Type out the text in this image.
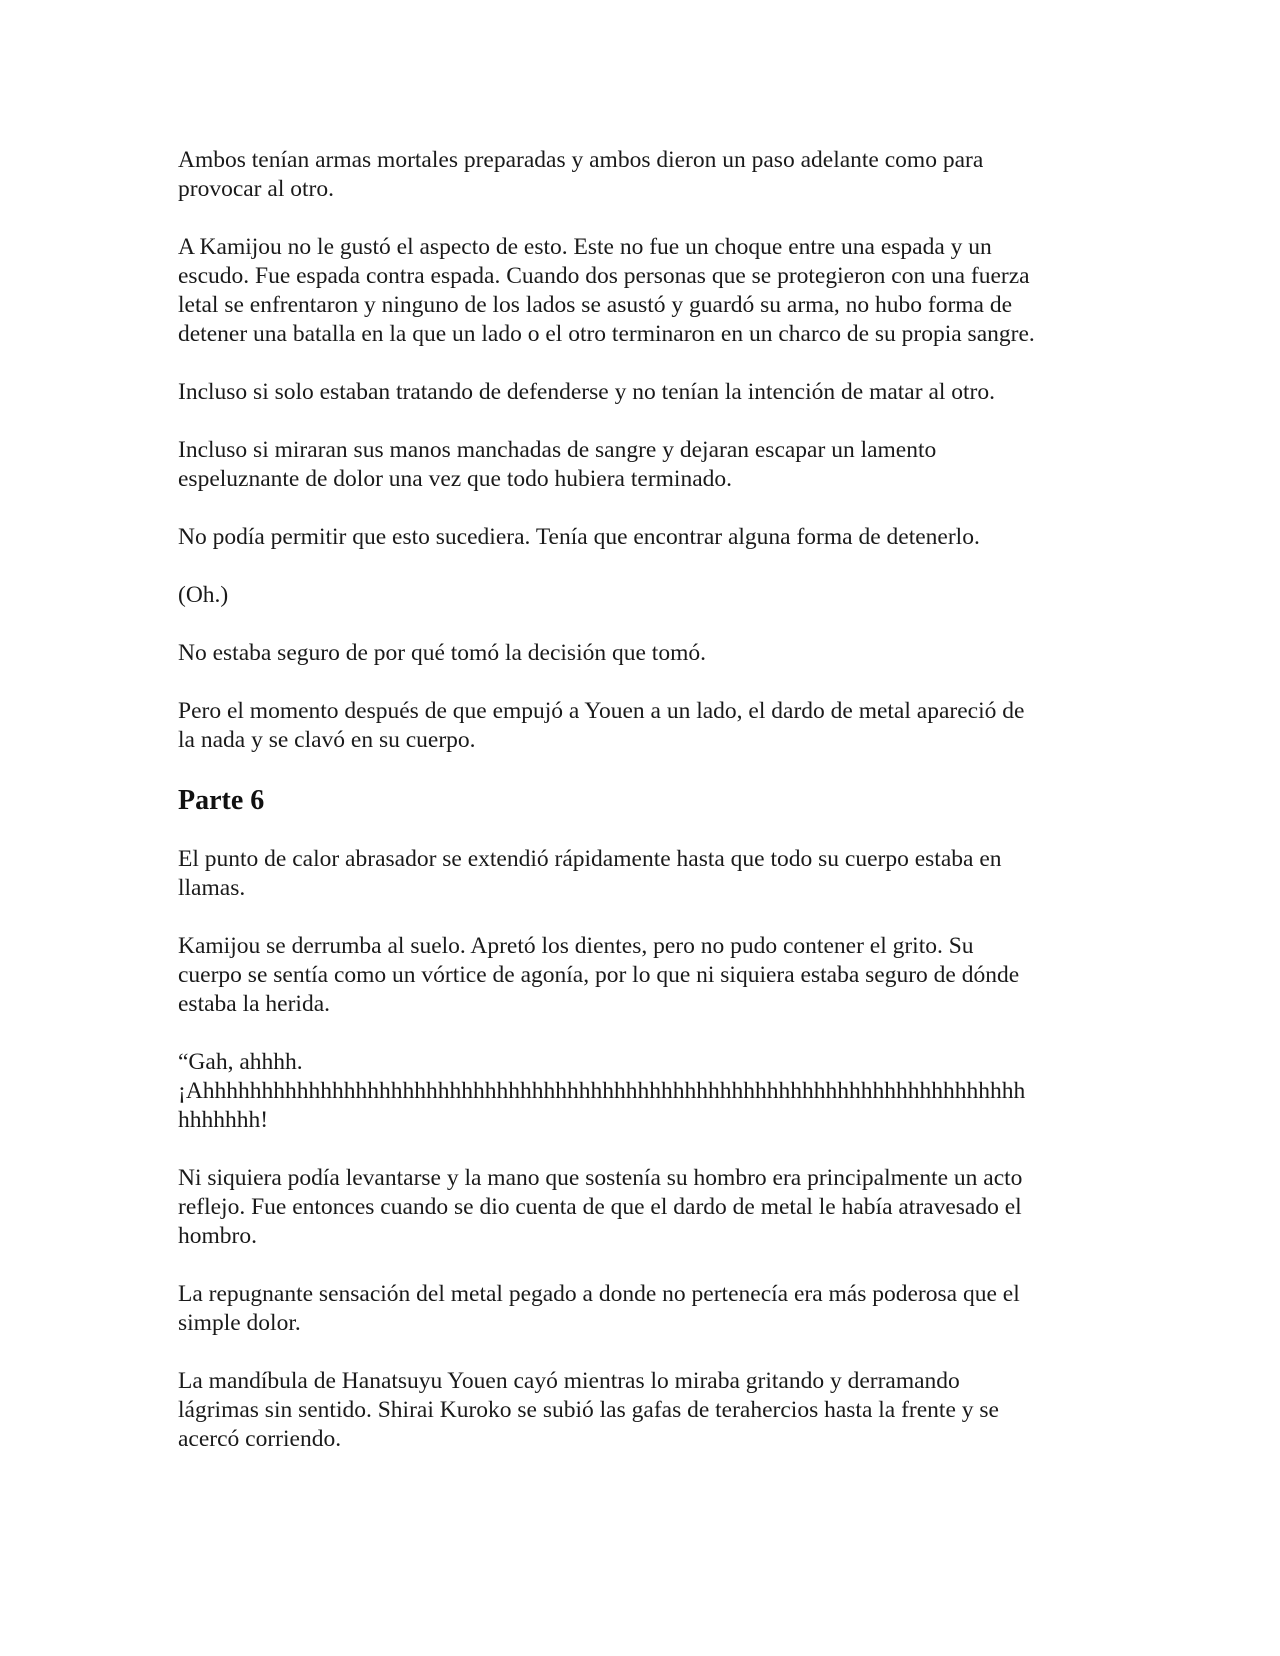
Ambos tenían armas mortales preparadas y ambos dieron un paso adelante como para
provocar al otro.

A Kamijou no le gustó el aspecto de esto. Este no fue un choque entre una espada y un
escudo. Fue espada contra espada. Cuando dos personas que se protegieron con una fuerza
letal se enfrentaron y ninguno de los lados se asustó y guardó su arma, no hubo forma de
detener una batalla en la que un lado o el otro terminaron en un charco de su propia sangre.

Incluso si solo estaban tratando de defenderse y no tenían la intención de matar al otro.

Incluso si miraran sus manos manchadas de sangre y dejaran escapar un lamento
espeluznante de dolor una vez que todo hubiera terminado.

No podía permitir que esto sucediera. Tenía que encontrar alguna forma de detenerlo.

(Oh.)

No estaba seguro de por qué tomó la decisión que tomó.

Pero el momento después de que empujó a Youen a un lado, el dardo de metal apareció de
la nada y se clavó en su cuerpo.

Parte 6

El punto de calor abrasador se extendió rápidamente hasta que todo su cuerpo estaba en
llamas.

Kamijou se derrumba al suelo. Apretó los dientes, pero no pudo contener el grito. Su
cuerpo se sentía como un vórtice de agonía, por lo que ni siquiera estaba seguro de dónde
estaba la herida.

“Gah, ahhhh.
¡Ahhhhhhhhhhhhhhhhhhhhhhhhhhhhhhhhhhhhhhhhhhhhhhhhhhhhhhhhhhhhhhhhhhhhhh
hhhhhhh!

Ni siquiera podía levantarse y la mano que sostenía su hombro era principalmente un acto
reflejo. Fue entonces cuando se dio cuenta de que el dardo de metal le había atravesado el
hombro.

La repugnante sensación del metal pegado a donde no pertenecía era más poderosa que el
simple dolor.

La mandíbula de Hanatsuyu Youen cayó mientras lo miraba gritando y derramando
lágrimas sin sentido. Shirai Kuroko se subió las gafas de terahercios hasta la frente y se
acercó corriendo.
